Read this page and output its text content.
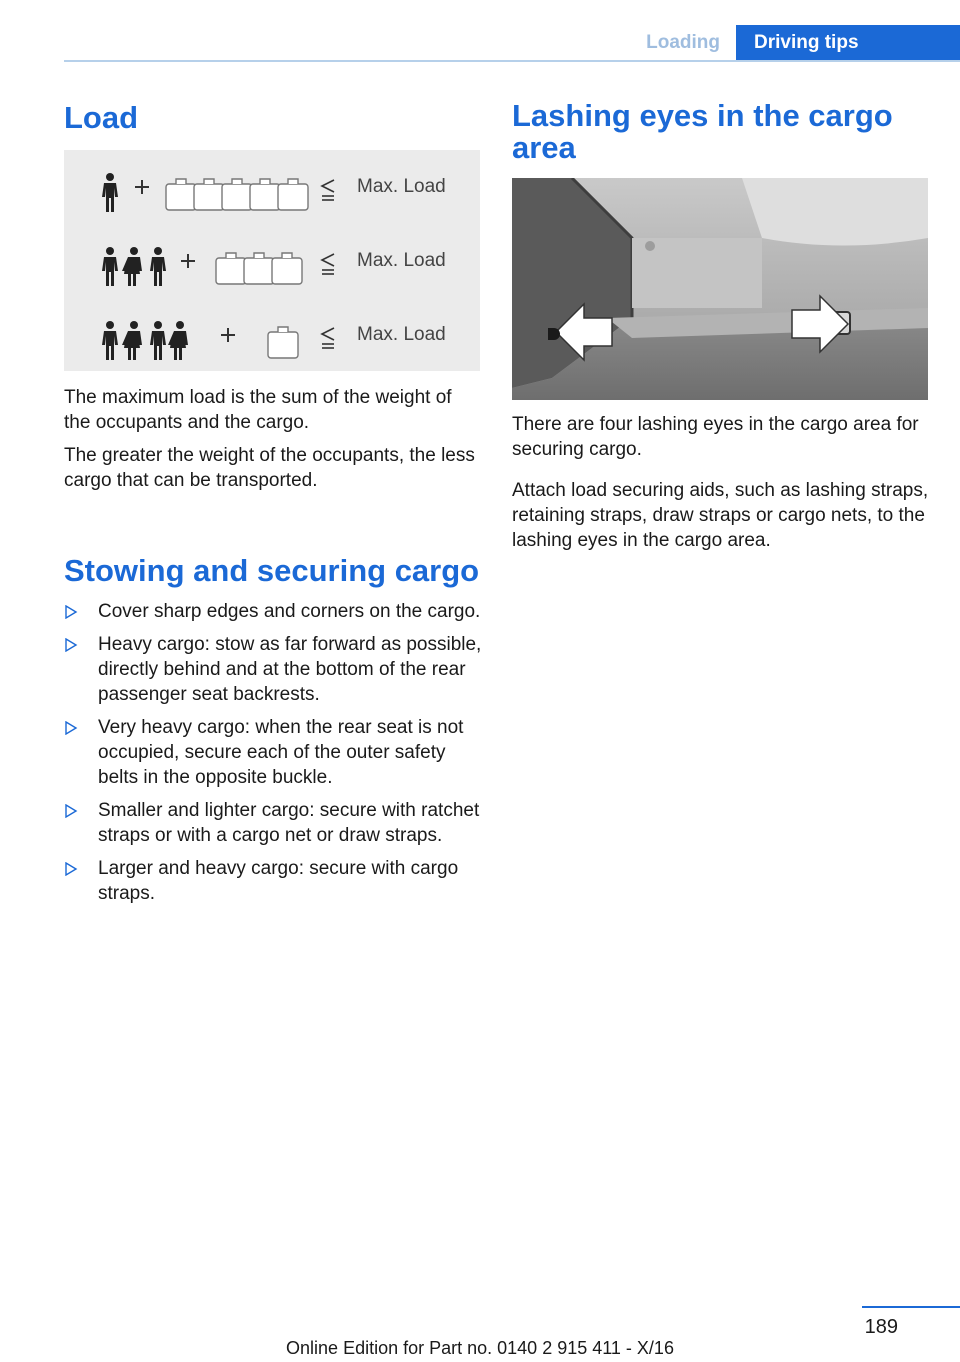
Loading	Driving tips
Load
Max. Load
Max. Load
Max. Load

The maximum load is the sum of the weight of the occupants and the cargo.

The greater the weight of the occupants, the less cargo that can be transported.

Stowing and securing cargo
Cover sharp edges and corners on the cargo.
Heavy cargo: stow as far forward as possible, directly behind and at the bottom of the rear passenger seat backrests.
Very heavy cargo: when the rear seat is not occupied, secure each of the outer safety belts in the opposite buckle.
Smaller and lighter cargo: secure with ratchet straps or with a cargo net or draw straps.
Larger and heavy cargo: secure with cargo straps.
Lashing eyes in the cargo area

There are four lashing eyes in the cargo area for securing cargo.

Attach load securing aids, such as lashing straps, retaining straps, draw straps or cargo nets, to the lashing eyes in the cargo area.

189
Online Edition for Part no. 0140 2 915 411 - X/16
